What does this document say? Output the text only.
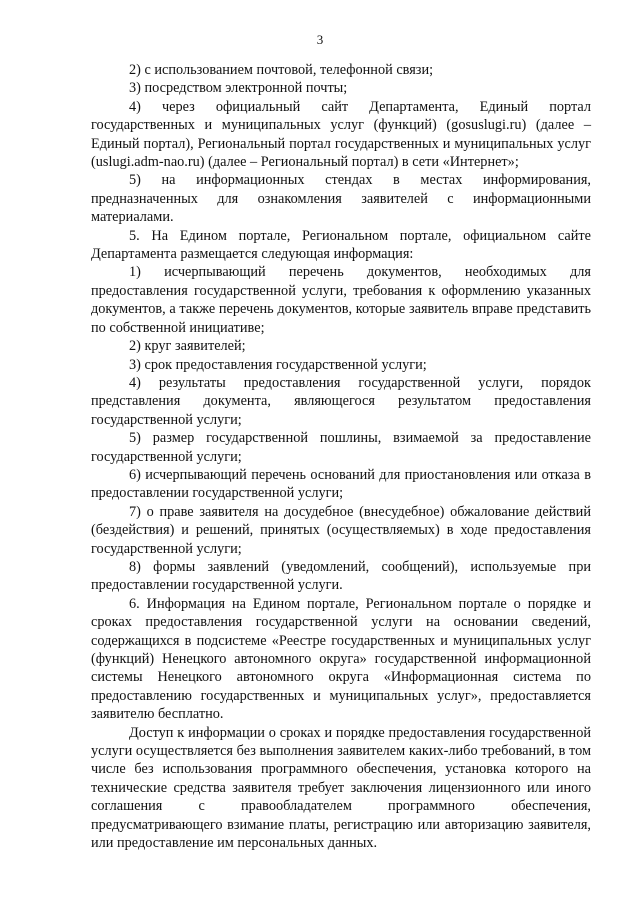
3

2) с использованием почтовой, телефонной связи;

3) посредством электронной почты;

4) через официальный сайт Департамента, Единый портал государственных и муниципальных услуг (функций) (gosuslugi.ru) (далее – Единый портал), Региональный портал государственных и муниципальных услуг (uslugi.adm-nao.ru) (далее – Региональный портал) в сети «Интернет»;

5) на информационных стендах в местах информирования, предназначенных для ознакомления заявителей с информационными материалами.

5. На Едином портале, Региональном портале, официальном сайте Департамента размещается следующая информация:

1) исчерпывающий перечень документов, необходимых для предоставления государственной услуги, требования к оформлению указанных документов, а также перечень документов, которые заявитель вправе представить по собственной инициативе;

2) круг заявителей;

3) срок предоставления государственной услуги;

4) результаты предоставления государственной услуги, порядок представления документа, являющегося результатом предоставления государственной услуги;

5) размер государственной пошлины, взимаемой за предоставление государственной услуги;

6) исчерпывающий перечень оснований для приостановления или отказа в предоставлении государственной услуги;

7) о праве заявителя на досудебное (внесудебное) обжалование действий (бездействия) и решений, принятых (осуществляемых) в ходе предоставления государственной услуги;

8) формы заявлений (уведомлений, сообщений), используемые при предоставлении государственной услуги.

6. Информация на Едином портале, Региональном портале о порядке и сроках предоставления государственной услуги на основании сведений, содержащихся в подсистеме «Реестре государственных и муниципальных услуг (функций) Ненецкого автономного округа» государственной информационной системы Ненецкого автономного округа «Информационная система по предоставлению государственных и муниципальных услуг», предоставляется заявителю бесплатно.

Доступ к информации о сроках и порядке предоставления государственной услуги осуществляется без выполнения заявителем каких-либо требований, в том числе без использования программного обеспечения, установка которого на технические средства заявителя требует заключения лицензионного или иного соглашения с правообладателем программного обеспечения, предусматривающего взимание платы, регистрацию или авторизацию заявителя, или предоставление им персональных данных.
